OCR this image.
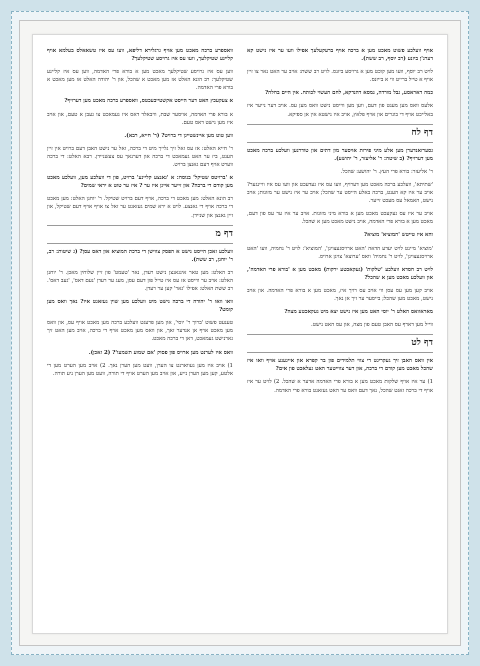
אויף וועלכע פשוט מאכט מען א ברכה אויף ברעקעלעך אפילו וועו ער איז נישט קא דערנ'ן ביזנע (רב יוסף, רב ששת).
לויט רב יוסף, וועו מען קוכט מען א גרויסע ביזנס. לויט רב ששת: אויב ער האט נאר צו זיין אויף א טייל ברייט ווי א בייזנס.
כמה דאראסע, גבל מורדה, נמסא דהנדקא, לחם העשוי לכותח. אין היים בחלה?
אלעס וואס מען מעגט פון דעם, ווען מען ווייסט נישט וואס מען עס. אויב דער נייער איז באלייכט אויף די בוגרים און אויף פלאץ, אויב איז נישטא אין אן ספיקא.
דף לח
גסערזאנדערן מען אלע מיני פירות אויסער מון דתים און טודרנען וועלכע ברכה מאכט מען דערויף? (ב שיטה: ר' אליעזר, ר' יהושע).
ר' אליעזר: בורא פרי העץ. ר' יהושע: שהכל.
'שתיתא', וועלכע ברכה מאכט מען דערויף, וועו עס איז געדעכט און וועו עס איז וויינגער? אויב ער איז קא הענט, ברכה באלע הייסט ער שהכל; אויב ער איז נישט ער מזונות; אויב נישט, האמאל עס מעכט זייער.
אויב ער איז עס געקעכט מאכט מען א בורא מיני מזונות. אויב ער איז ער עס פון דעם, מאכט מען א בורא פרי האדמה, אויב נישט מאכט מען א שהכל.
והא איז טייטש 'המוציא' מוציא?
'מוציא' מיינט לויט יעדע הדאה 'האט ארויסגעצויגן', 'המוציא': לויט ר' נחמיה, וועו 'האט ארויסגעצויגן', לויט ר' נחמיה' וואס 'ערוצא' צויגן ארויס.
לויט רב חסדא וועלכע 'שלקות' (געקאכטע ירקות) מאכט מען א 'בורא פרי האדמה', און וועלכע מאכט מען א שהכל?
אויב קען מען עס עסן ווי אויב עס רויך איז, מאכט מען א בורא פרי האדמה. און אויב נישט, מאכט מען שהכל; בייסער ער זיך אן נאך.
מאראוואס האלט ר' יוסי האט מען איז נישט יצא מיט געקאכטע מצה?
ווייל מען דארף עס האבן טעם פון מצה, און עס האט נישט.
דף לט
אין וואס האבן זיך געקריגט די צווי תלמידים פון בר קפרא און אייגענע אויף וואו איז שהכל מאכט מען קודם די ברכה, און דער צווייטער האט געלאכט פון אים?
1) ער איז אויף שלקות מאכט מען א בורא פרי האדמה אדער א שהכל. 2) לויט ער איז אויף די ברכה זאגט שהכל, נאך דעם וואס ער האט געזאגט בורא פרי האדמה.
וואספרע ברכה מאכט מען אויף גרגלירא דליפא, וועו עס איז טשאאלס בעלמא אויף קליינע שטיקלעך, וועו עס איז גרויסע שטיקלעך?
ווען עס איז גרויסע שטיקלעך מאכט מען א בורא פרי האדמה, ווען עס איז קליינע שטיקלעך: רב הונא האלט אז מען מאכט א שהכל, און ר' יהודה האלט אז מען מאכט א בורא פרי האדמה.
א צעקעכץ האט דער הייסט אקשטייבעכטס, וואספרע ברכה מאכט מען דערויף?
א בורא פרי האדמה, אויסער שבת, וויבאלד דאס איז געמאכט צו געבן א טעם, און אויב איז מען נישט דאס טעם.
ווען טוט מען איינשטייגן די ברויט? (ר' חייא, רבא).
ר' חייא האלט: אז עס זאל זיך גלייך מיט די ברכה, זאל ער נישט האבן דעם ברויט אין זיין הענט, ביז ער האט געמאכט די ברכה און דערנאך עס צעשניידן. רבא האלט: די ברכה ווערט אויף דעם גאנצן ברויט.
א 'ברויטס שטיקל' בנוסח: א 'גאנצע קליינע' ברויט, פון די וועלכע מען, וועלכע מאכט מען קודם די ברכה? און זייער אייגן איז ער ? איז ער טוט א יראי שמים?
רב הונא האלט: מען מאכט די ברכה, אויף דעם ברויט שטיקל. ר' יוחנן האלט: מען מאכט די ברכה אויף די גאנצע. לויט א ירא שמים געזאגט ער זאל צו אויף אויף דעם שטיקל, און זיין גאנצן און שניידן.
דף מ
וועלכע זאכן הייסט נישט א הפסק צווישן די ברכת המוציא און דאס עסן? (ג שיטות: רב, ר' יוחנן, רב ששת).
רב האלט: מען טאר אינגאנצן נישט רעדן, נאר 'טעמט' פון זיין שלוחין מאכן. ר' יוחנן האלט: אויב ער ווייסט אז עס איז טייל פון דעם עסן, מעג ער רעדן 'נעם דאס', 'געב דאס'. רב ששת האלט: אפילו 'גאר' קען ער רעדן.
וואו וואו ר' יהודה די ברכה נישט מיט וועלכע מען שוין געזאגט איז? נאך וואס מען קומט?
טענעט פשוט 'ברוך ר' יוסי', און מען פרעגט וועלכע ברכה מען מאכט אויף עס, און וואס מען מאכט אויף אן אנדער זאך, און וואס מען מאכט אויף די ברכה, אויב מען האט זיך גארנישט געמאכט, דאן די ברכה מאכט.
וואס איז לערנט מען ארויס פון פסוק 'אם שמוע תשמעו'? (2 זאכן).
1) אויב איז מען געווארנט צו הערן, וועט מען הערן נאך. 2) אויב מען הערט מען די אלטע, קען מען הערן נייע, און אויב מען הערט אויף די תורה, וועט מען הערן ניע תורה.
